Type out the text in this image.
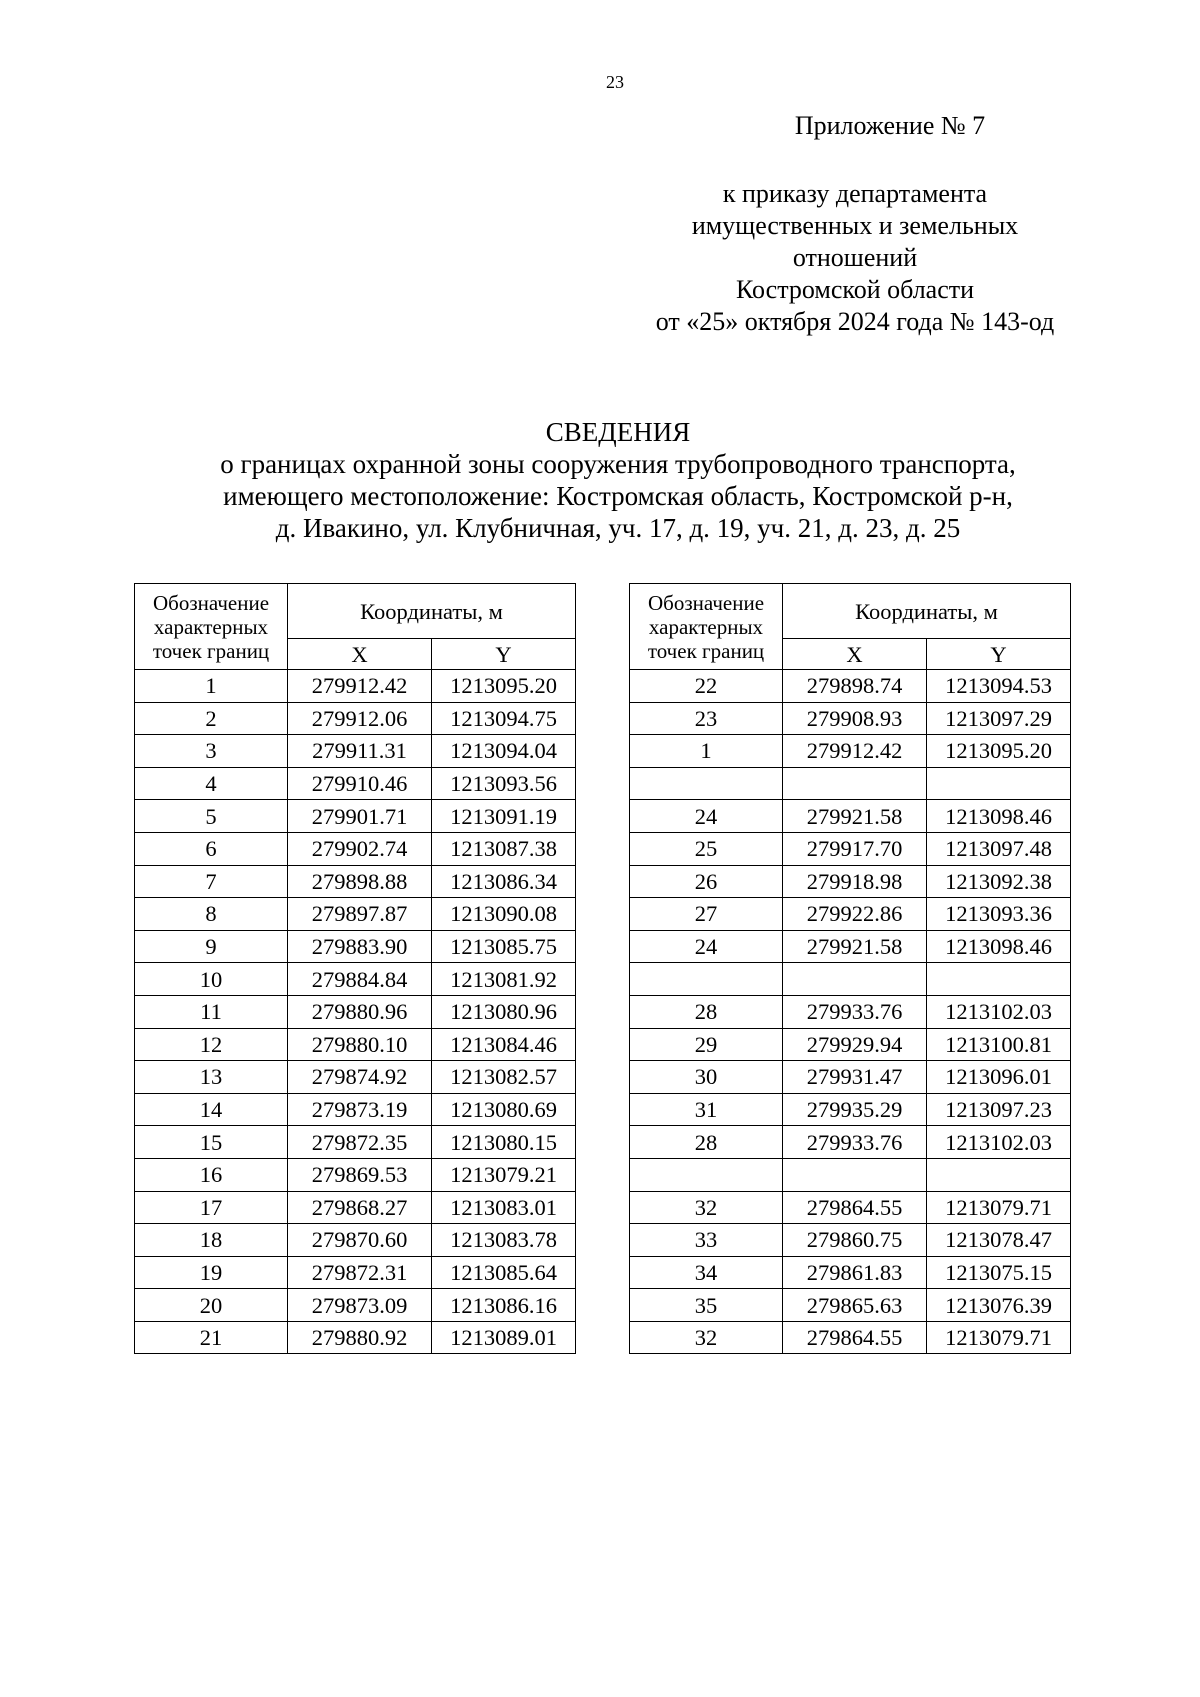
23
Приложение № 7
к приказу департамента
имущественных и земельных
отношений
Костромской области
от «25» октября 2024 года № 143-од
СВЕДЕНИЯ
о границах охранной зоны сооружения трубопроводного транспорта,
имеющего местоположение: Костромская область, Костромской р-н,
д. Ивакино, ул. Клубничная, уч. 17, д. 19, уч. 21, д. 23, д. 25
Обозначение
характерных
точек границ	Координаты, м	
	X	Y
1	279912.42	1213095.20
2	279912.06	1213094.75
3	279911.31	1213094.04
4	279910.46	1213093.56
5	279901.71	1213091.19
6	279902.74	1213087.38
7	279898.88	1213086.34
8	279897.87	1213090.08
9	279883.90	1213085.75
10	279884.84	1213081.92
11	279880.96	1213080.96
12	279880.10	1213084.46
13	279874.92	1213082.57
14	279873.19	1213080.69
15	279872.35	1213080.15
16	279869.53	1213079.21
17	279868.27	1213083.01
18	279870.60	1213083.78
19	279872.31	1213085.64
20	279873.09	1213086.16
21	279880.92	1213089.01
Обозначение
характерных
точек границ	Координаты, м	
	X	Y
22	279898.74	1213094.53
23	279908.93	1213097.29
1	279912.42	1213095.20

24	279921.58	1213098.46
25	279917.70	1213097.48
26	279918.98	1213092.38
27	279922.86	1213093.36
24	279921.58	1213098.46

28	279933.76	1213102.03
29	279929.94	1213100.81
30	279931.47	1213096.01
31	279935.29	1213097.23
28	279933.76	1213102.03

32	279864.55	1213079.71
33	279860.75	1213078.47
34	279861.83	1213075.15
35	279865.63	1213076.39
32	279864.55	1213079.71
